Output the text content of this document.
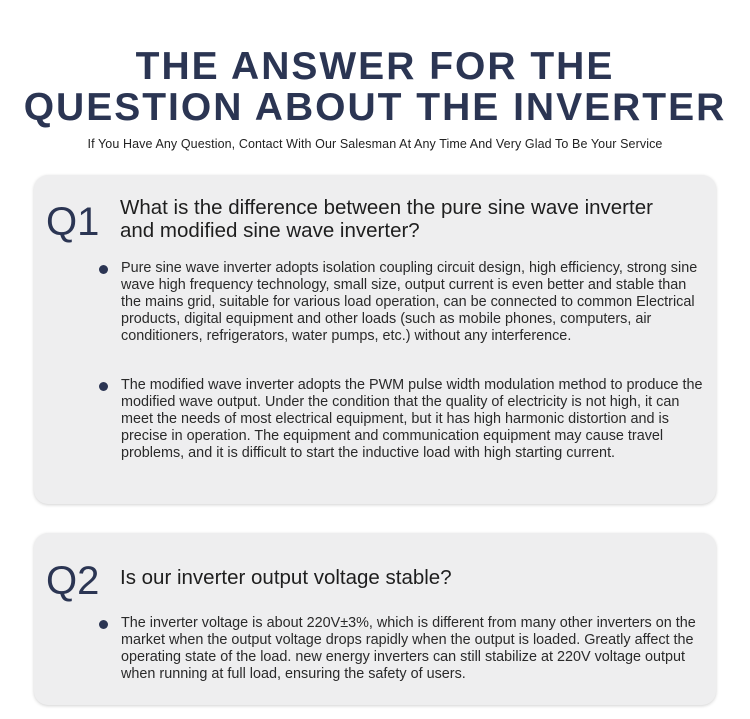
THE ANSWER FOR THE
QUESTION ABOUT THE INVERTER

If You Have Any Question, Contact With Our Salesman At Any Time And Very Glad To Be Your Service

Q1 What is the difference between the pure sine wave inverter
and modified sine wave inverter?

Pure sine wave inverter adopts isolation coupling circuit design, high efficiency, strong sine wave high frequency technology, small size, output current is even better and stable than the mains grid, suitable for various load operation, can be connected to common Electrical products, digital equipment and other loads (such as mobile phones, computers, air conditioners, refrigerators, water pumps, etc.) without any interference.

The modified wave inverter adopts the PWM pulse width modulation method to produce the modified wave output. Under the condition that the quality of electricity is not high, it can meet the needs of most electrical equipment, but it has high harmonic distortion and is precise in operation. The equipment and communication equipment may cause travel problems, and it is difficult to start the inductive load with high starting current.

Q2 Is our inverter output voltage stable?

The inverter voltage is about 220V±3%, which is different from many other inverters on the market when the output voltage drops rapidly when the output is loaded. Greatly affect the operating state of the load. new energy inverters can still stabilize at 220V voltage output when running at full load, ensuring the safety of users.
